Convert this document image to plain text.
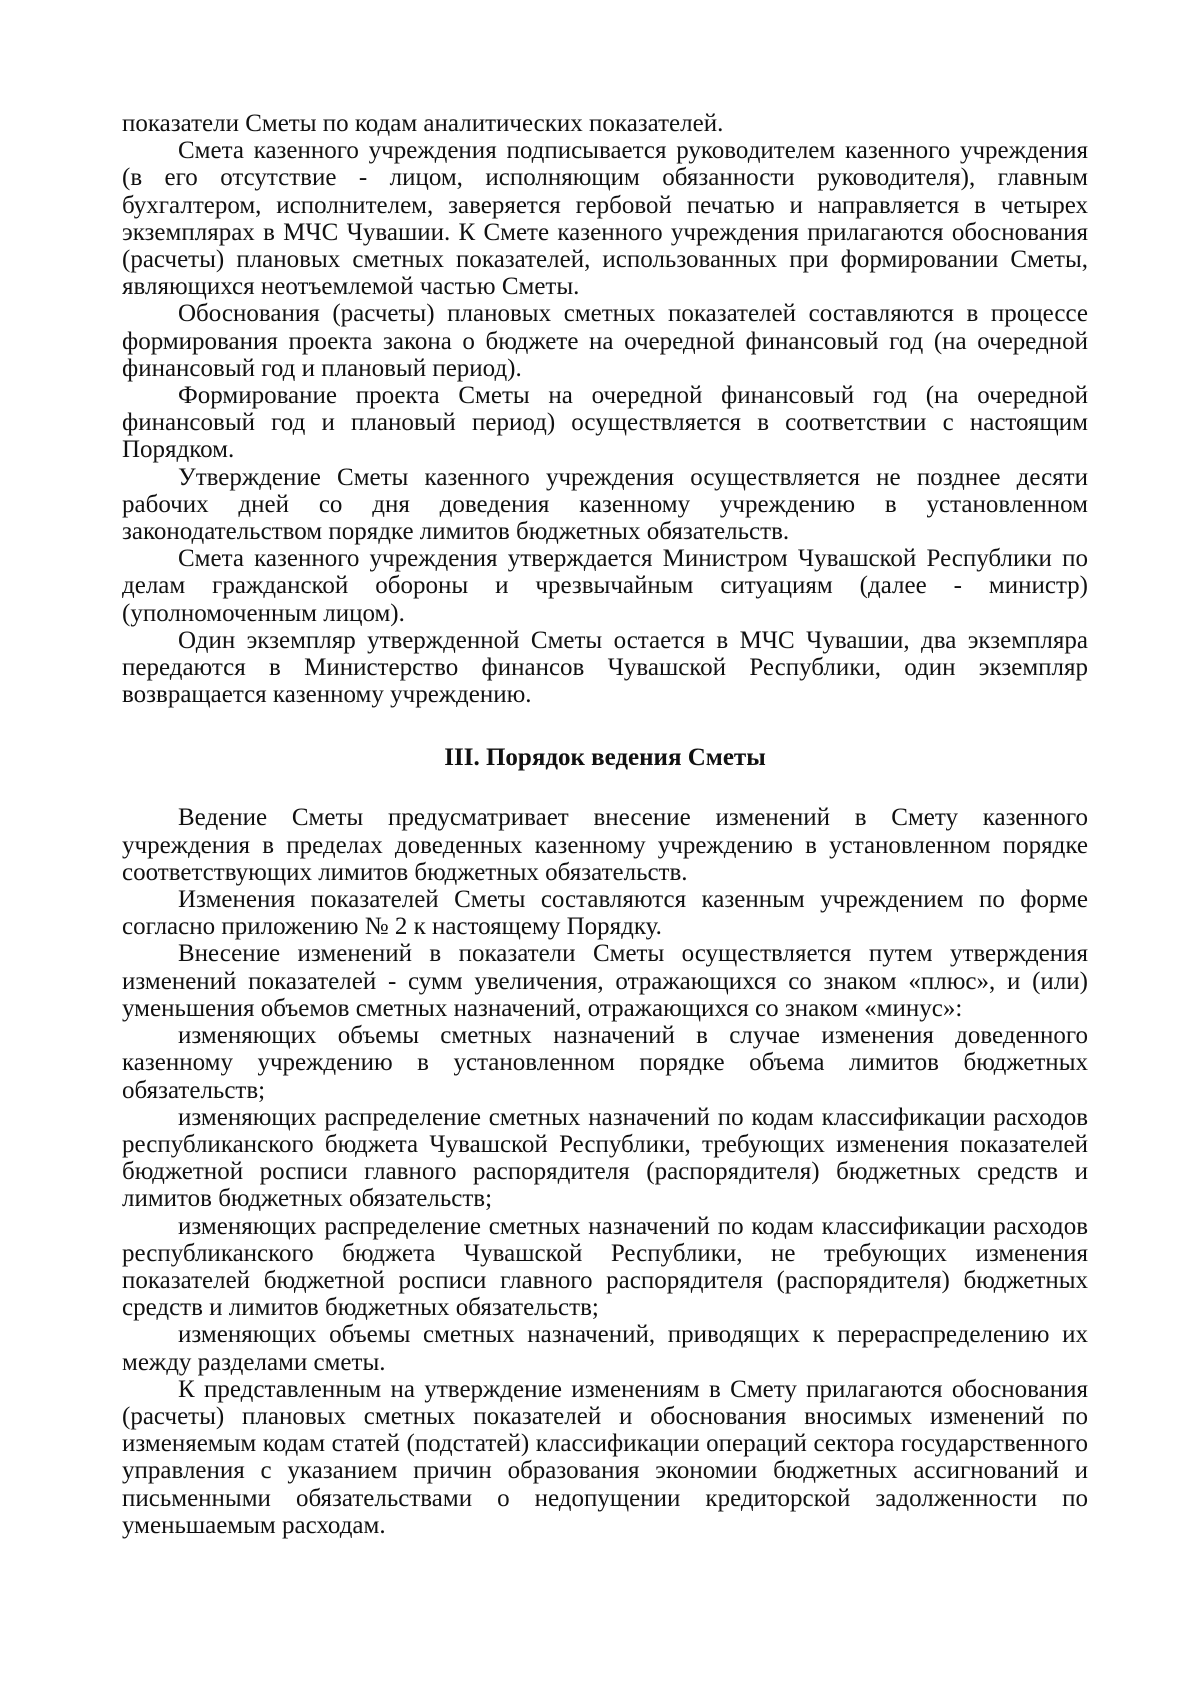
показатели Сметы по кодам аналитических показателей.

Смета казенного учреждения подписывается руководителем казенного учреждения (в его отсутствие - лицом, исполняющим обязанности руководителя), главным бухгалтером, исполнителем, заверяется гербовой печатью и направляется в четырех экземплярах в МЧС Чувашии. К Смете казенного учреждения прилагаются обоснования (расчеты) плановых сметных показателей, использованных при формировании Сметы, являющихся неотъемлемой частью Сметы.

Обоснования (расчеты) плановых сметных показателей составляются в процессе формирования проекта закона о бюджете на очередной финансовый год (на очередной финансовый год и плановый период).

Формирование проекта Сметы на очередной финансовый год (на очередной финансовый год и плановый период) осуществляется в соответствии с настоящим Порядком.

Утверждение Сметы казенного учреждения осуществляется не позднее десяти рабочих дней со дня доведения казенному учреждению в установленном законодательством порядке лимитов бюджетных обязательств.

Смета казенного учреждения утверждается Министром Чувашской Республики по делам гражданской обороны и чрезвычайным ситуациям (далее - министр) (уполномоченным лицом).

Один экземпляр утвержденной Сметы остается в МЧС Чувашии, два экземпляра передаются в Министерство финансов Чувашской Республики, один экземпляр возвращается казенному учреждению.

III. Порядок ведения Сметы

Ведение Сметы предусматривает внесение изменений в Смету казенного учреждения в пределах доведенных казенному учреждению в установленном порядке соответствующих лимитов бюджетных обязательств.

Изменения показателей Сметы составляются казенным учреждением по форме согласно приложению № 2 к настоящему Порядку.

Внесение изменений в показатели Сметы осуществляется путем утверждения изменений показателей - сумм увеличения, отражающихся со знаком «плюс», и (или) уменьшения объемов сметных назначений, отражающихся со знаком «минус»:

изменяющих объемы сметных назначений в случае изменения доведенного казенному учреждению в установленном порядке объема лимитов бюджетных обязательств;

изменяющих распределение сметных назначений по кодам классификации расходов республиканского бюджета Чувашской Республики, требующих изменения показателей бюджетной росписи главного распорядителя (распорядителя) бюджетных средств и лимитов бюджетных обязательств;

изменяющих распределение сметных назначений по кодам классификации расходов республиканского бюджета Чувашской Республики, не требующих изменения показателей бюджетной росписи главного распорядителя (распорядителя) бюджетных средств и лимитов бюджетных обязательств;

изменяющих объемы сметных назначений, приводящих к перераспределению их между разделами сметы.

К представленным на утверждение изменениям в Смету прилагаются обоснования (расчеты) плановых сметных показателей и обоснования вносимых изменений по изменяемым кодам статей (подстатей) классификации операций сектора государственного управления с указанием причин образования экономии бюджетных ассигнований и письменными обязательствами о недопущении кредиторской задолженности по уменьшаемым расходам.
